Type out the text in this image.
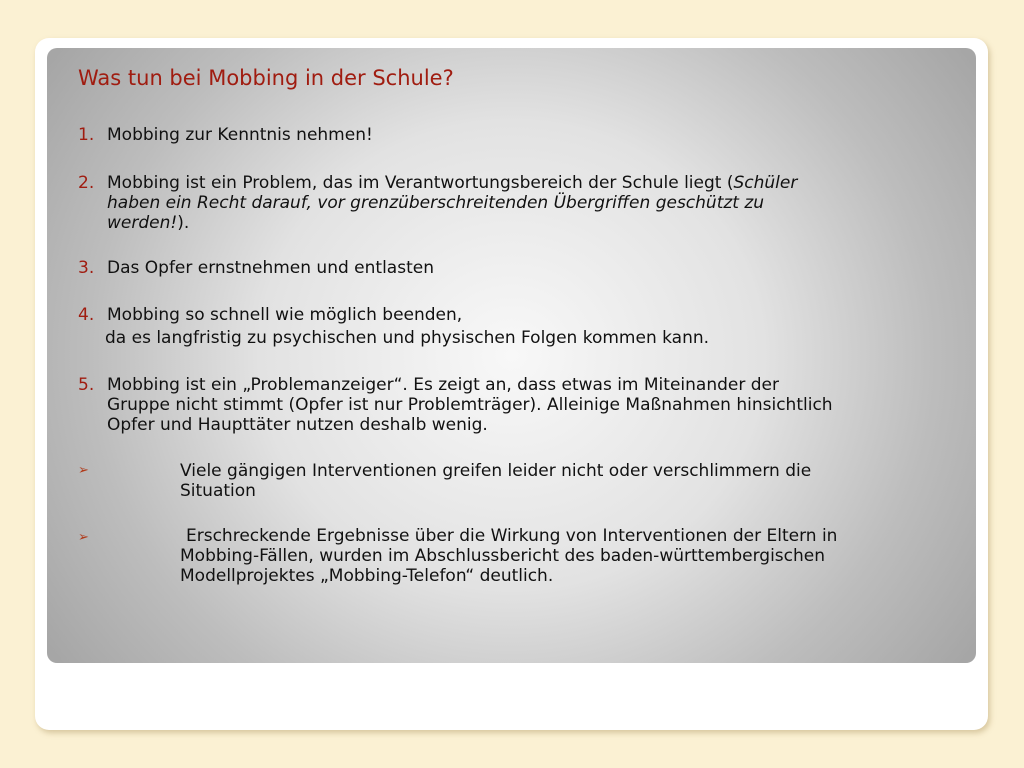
Was tun bei Mobbing in der Schule?
1. Mobbing zur Kenntnis nehmen!
2. Mobbing ist ein Problem, das im Verantwortungsbereich der Schule liegt (Schüler
haben ein Recht darauf, vor grenzüberschreitenden Übergriffen geschützt zu
werden!).
3. Das Opfer ernstnehmen und entlasten
4. Mobbing so schnell wie möglich beenden,
da es langfristig zu psychischen und physischen Folgen kommen kann.
5. Mobbing ist ein „Problemanzeiger“. Es zeigt an, dass etwas im Miteinander der
Gruppe nicht stimmt (Opfer ist nur Problemträger). Alleinige Maßnahmen hinsichtlich
Opfer und Haupttäter nutzen deshalb wenig.
➢	Viele gängigen Interventionen greifen leider nicht oder verschlimmern die
Situation
➢	Erschreckende Ergebnisse über die Wirkung von Interventionen der Eltern in
Mobbing-Fällen, wurden im Abschlussbericht des baden-württembergischen
Modellprojektes „Mobbing-Telefon“ deutlich.
